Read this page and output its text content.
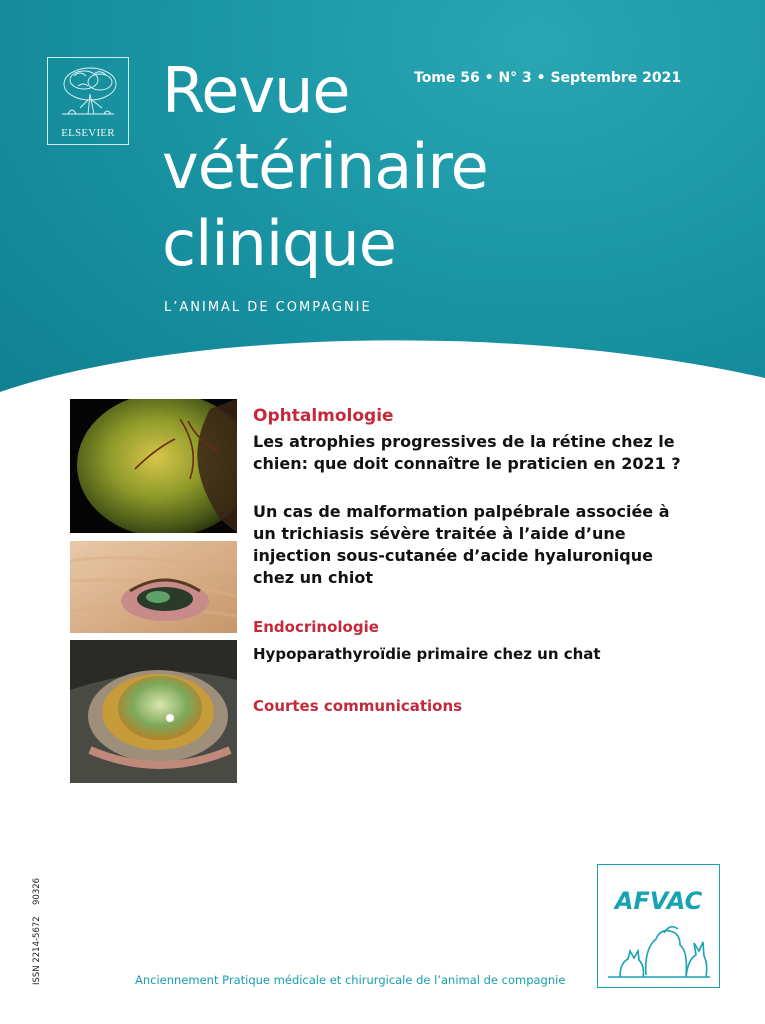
ELSEVIER
Revue
vétérinaire
clinique
Tome 56 • N° 3 • Septembre 2021
L’ANIMAL DE COMPAGNIE
Ophtalmologie

Les atrophies progressives de la rétine chez le chien: que doit connaître le praticien en 2021 ?

Un cas de malformation palpébrale associée à un trichiasis sévère traitée à l’aide d’une injection sous-cutanée d’acide hyaluronique chez un chiot

Endocrinologie

Hypoparathyroïdie primaire chez un chat

Courtes communications
ISSN 2214-5672
90326	AFVAC
Anciennement Pratique médicale et chirurgicale de l’animal de compagnie
